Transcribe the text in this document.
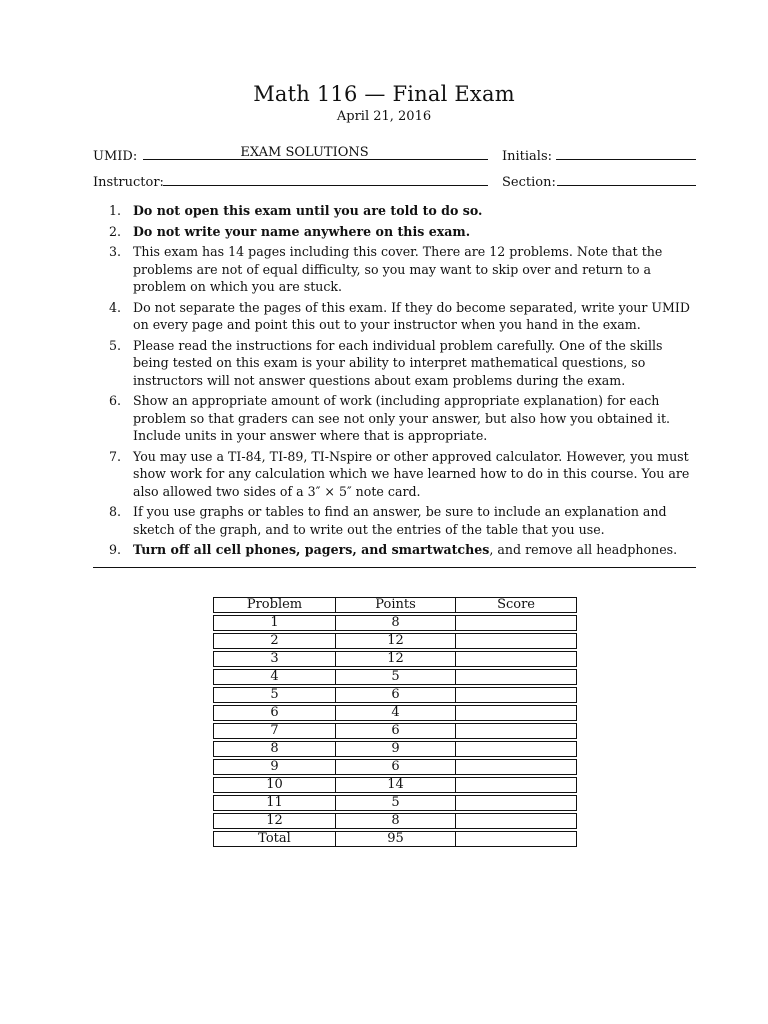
Math 116 — Final Exam
April 21, 2016
UMID:	EXAM SOLUTIONS	Initials:
Instructor:	Section:
1. Do not open this exam until you are told to do so.
2. Do not write your name anywhere on this exam.
3. This exam has 14 pages including this cover. There are 12 problems. Note that the problems are not of equal difficulty, so you may want to skip over and return to a problem on which you are stuck.
4. Do not separate the pages of this exam. If they do become separated, write your UMID on every page and point this out to your instructor when you hand in the exam.
5. Please read the instructions for each individual problem carefully. One of the skills being tested on this exam is your ability to interpret mathematical questions, so instructors will not answer questions about exam problems during the exam.
6. Show an appropriate amount of work (including appropriate explanation) for each problem so that graders can see not only your answer, but also how you obtained it. Include units in your answer where that is appropriate.
7. You may use a TI-84, TI-89, TI-Nspire or other approved calculator. However, you must show work for any calculation which we have learned how to do in this course. You are also allowed two sides of a 3″ × 5″ note card.
8. If you use graphs or tables to find an answer, be sure to include an explanation and sketch of the graph, and to write out the entries of the table that you use.
9. Turn off all cell phones, pagers, and smartwatches, and remove all headphones.
Problem	Points	Score
1	8	
2	12	
3	12	
4	5	
5	6	
6	4	
7	6	
8	9	
9	6	
10	14	
11	5	
12	8	
Total	95	
